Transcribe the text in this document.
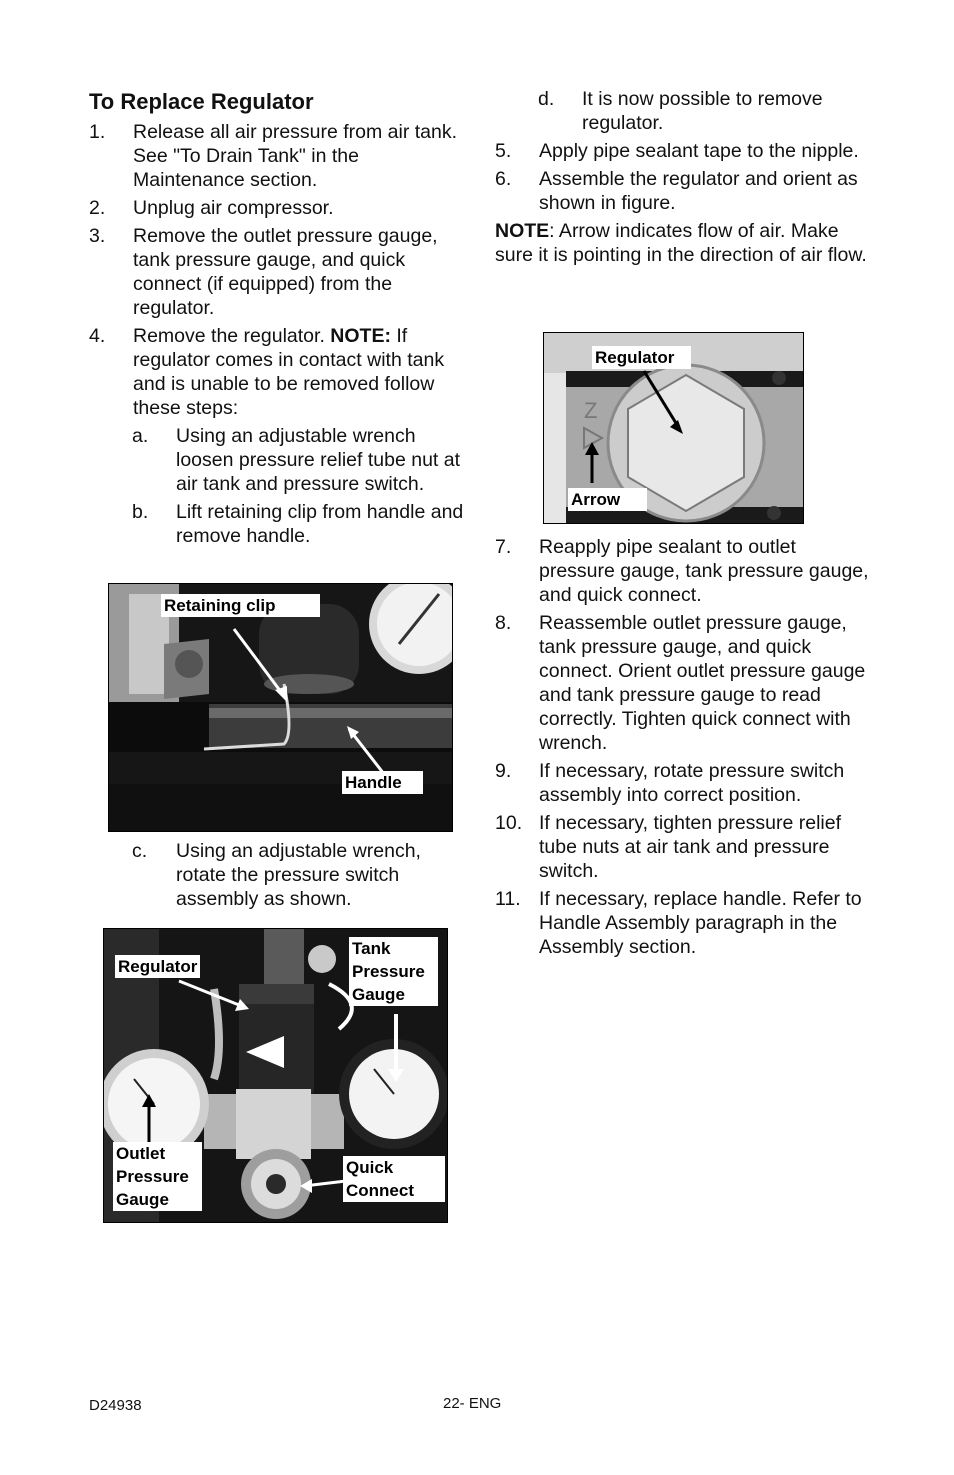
To Replace Regulator
1.	Release all air pressure from air tank. See "To Drain Tank" in the Maintenance section.
2.	Unplug air compressor.
3.	Remove the outlet pressure gauge, tank pressure gauge, and quick connect (if equipped) from the regulator.
4.	Remove the regulator. NOTE: If regulator comes in contact with tank and is unable to be removed follow these steps:
a.	Using an adjustable wrench loosen pressure relief tube nut at air tank and pressure switch.
b.	Lift retaining clip from handle and remove handle.
c.	Using an adjustable wrench, rotate the pressure switch assembly as shown.
Retaining clip
Handle
Regulator
Tank Pressure Gauge
Outlet Pressure Gauge
Quick Connect
d.	It is now possible to remove regulator.
5.	Apply pipe sealant tape to the nipple.
6.	Assemble the regulator and orient as shown in figure.

NOTE: Arrow indicates flow of air. Make sure it is pointing in the direction of air flow.

Z
Regulator
Arrow
7.	Reapply pipe sealant to outlet pressure gauge, tank pressure gauge, and quick connect.
8.	Reassemble outlet pressure gauge, tank pressure gauge, and quick connect. Orient outlet pressure gauge and tank pressure gauge to read correctly. Tighten quick connect with wrench.
9.	If necessary, rotate pressure switch assembly into correct position.
10. If necessary, tighten pressure relief tube nuts at air tank and pressure switch.
11. If necessary, replace handle. Refer to Handle Assembly paragraph in the Assembly section.
D24938	22- ENG
